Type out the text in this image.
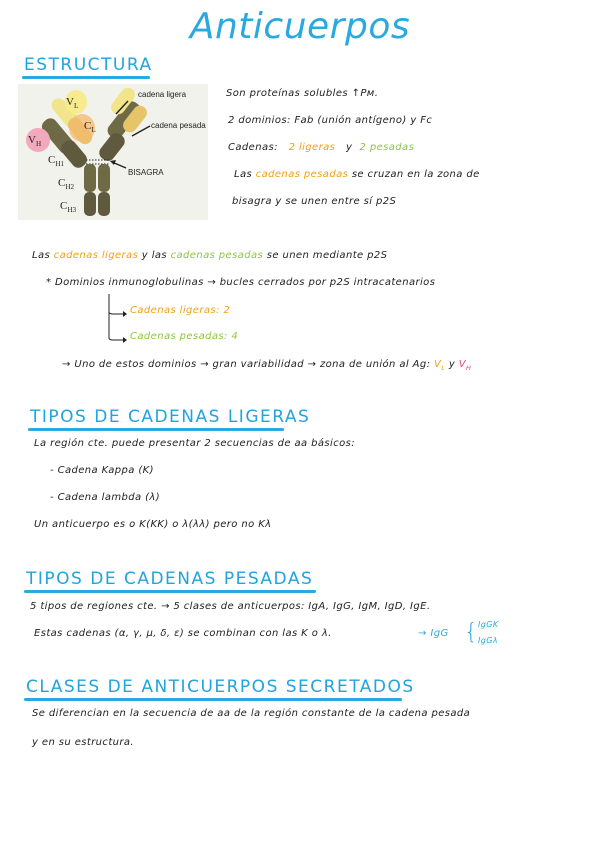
Anticuerpos
ESTRUCTURA
$V_L$
$V_H$
$C_L$
$C_{H1}$
$C_{H2}$
$C_{H3}$
cadena ligera
cadena pesada
BISAGRA
Son proteínas solubles ↑Pм.
2 dominios: Fab (unión antígeno) y Fc
Cadenas: 2 ligeras y 2 pesadas
Las cadenas pesadas se cruzan en la zona de
bisagra y se unen entre sí p2S
Las cadenas ligeras y las cadenas pesadas se unen mediante p2S
* Dominios inmunoglobulinas → bucles cerrados por p2S intracatenarios
Cadenas ligeras: 2
Cadenas pesadas: 4
→ Uno de estos dominios → gran variabilidad → zona de unión al Ag: $V_L$ y $V_H$
TIPOS DE CADENAS LIGERAS
La región cte. puede presentar 2 secuencias de aa básicos:
- Cadena Kappa (K)
- Cadena lambda (λ)
Un anticuerpo es o K(KK) o λ(λλ) pero no Kλ
TIPOS DE CADENAS PESADAS
5 tipos de regiones cte. → 5 clases de anticuerpos: IgA, IgG, IgM, IgD, IgE.
Estas cadenas (α, γ, μ, δ, ε) se combinan con las K o λ.	→ IgG { IgGK
IgGλ
CLASES DE ANTICUERPOS SECRETADOS
Se diferencian en la secuencia de aa de la región constante de la cadena pesada
y en su estructura.
